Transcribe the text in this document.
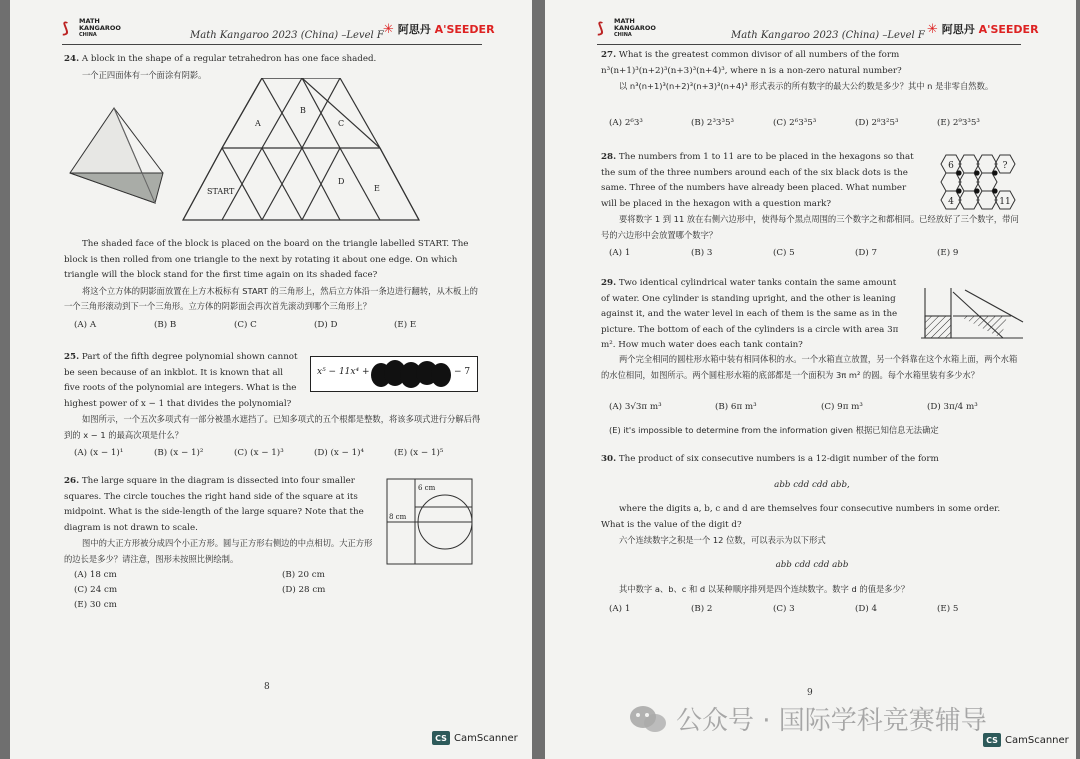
⟆ MATH
KANGAROO
CHINA	Math Kangaroo 2023 (China) –Level F ✳ 阿思丹 A'SEEDER

24. A block in the shape of a regular tetrahedron has one face shaded.

一个正四面体有一个面涂有阴影。

A
B
C
START
D
E

The shaded face of the block is placed on the board on the triangle labelled START. The block is then rolled from one triangle to the next by rotating it about one edge. On which triangle will the block stand for the first time again on its shaded face?

将这个立方体的阴影面放置在上方木板标有 START 的三角形上，然后立方体沿一条边进行翻转，从木板上的一个三角形滚动到下一个三角形。立方体的阴影面会再次首先滚动到哪个三角形上？

(A) A	(B) B	(C) C	(D) D	(E) E

25. Part of the fifth degree polynomial shown cannot be seen because of an inkblot. It is known that all five roots of the polynomial are integers. What is the highest power of x − 1 that divides the polynomial?

x⁵ − 11x⁴ +	− 7

如图所示，一个五次多项式有一部分被墨水遮挡了。已知多项式的五个根都是整数，将该多项式进行分解后得到的 x − 1 的最高次项是什么？

(A) (x − 1)¹	(B) (x − 1)²	(C) (x − 1)³	(D) (x − 1)⁴	(E) (x − 1)⁵

26. The large square in the diagram is dissected into four smaller squares. The circle touches the right hand side of the square at its midpoint. What is the side-length of the large square? Note that the diagram is not drawn to scale.

图中的大正方形被分成四个小正方形。圆与正方形右侧边的中点相切。大正方形的边长是多少？请注意，图形未按照比例绘制。

6 cm
8 cm
(A) 18 cm	(B) 20 cm
(C) 24 cm	(D) 28 cm
(E) 30 cm
8
CS CamScanner
⟆ MATH
KANGAROO
CHINA	Math Kangaroo 2023 (China) –Level F ✳ 阿思丹 A'SEEDER

27. What is the greatest common divisor of all numbers of the form n³(n+1)³(n+2)³(n+3)³(n+4)³, where n is a non-zero natural number?

以 n³(n+1)³(n+2)³(n+3)³(n+4)³ 形式表示的所有数字的最大公约数是多少？其中 n 是非零自然数。

(A) 2⁶3³	(B) 2³3³5³	(C) 2⁶3³5³	(D) 2⁸3²5³	(E) 2⁹3³5³

28. The numbers from 1 to 11 are to be placed in the hexagons so that the sum of the three numbers around each of the six black dots is the same. Three of the numbers have already been placed. What number will be placed in the hexagon with a question mark?

要将数字 1 到 11 放在右侧六边形中，使得每个黑点周围的三个数字之和都相同。已经放好了三个数字，带问号的六边形中会放置哪个数字？

6	?
4	11
(A) 1	(B) 3	(C) 5	(D) 7	(E) 9

29. Two identical cylindrical water tanks contain the same amount of water. One cylinder is standing upright, and the other is leaning against it, and the water level in each of them is the same as in the picture. The bottom of each of the cylinders is a circle with area 3π m². How much water does each tank contain?

两个完全相同的圆柱形水箱中装有相同体积的水。一个水箱直立放置，另一个斜靠在这个水箱上面，两个水箱的水位相同，如图所示。两个圆柱形水箱的底部都是一个面积为 3π m² 的圆。每个水箱里装有多少水？

(A) 3√3π m³	(B) 6π m³	(C) 9π m³	(D) 3π/4 m³
(E) it's impossible to determine from the information given 根据已知信息无法确定

30. The product of six consecutive numbers is a 12-digit number of the form

abb cdd cdd abb,

where the digits a, b, c and d are themselves four consecutive numbers in some order. What is the value of the digit d?

六个连续数字之积是一个 12 位数，可以表示为以下形式

abb cdd cdd abb

其中数字 a、b、c 和 d 以某种顺序排列是四个连续数字。数字 d 的值是多少？

(A) 1	(B) 2	(C) 3	(D) 4	(E) 5
9
CS CamScanner
公众号 · 国际学科竞赛辅导
